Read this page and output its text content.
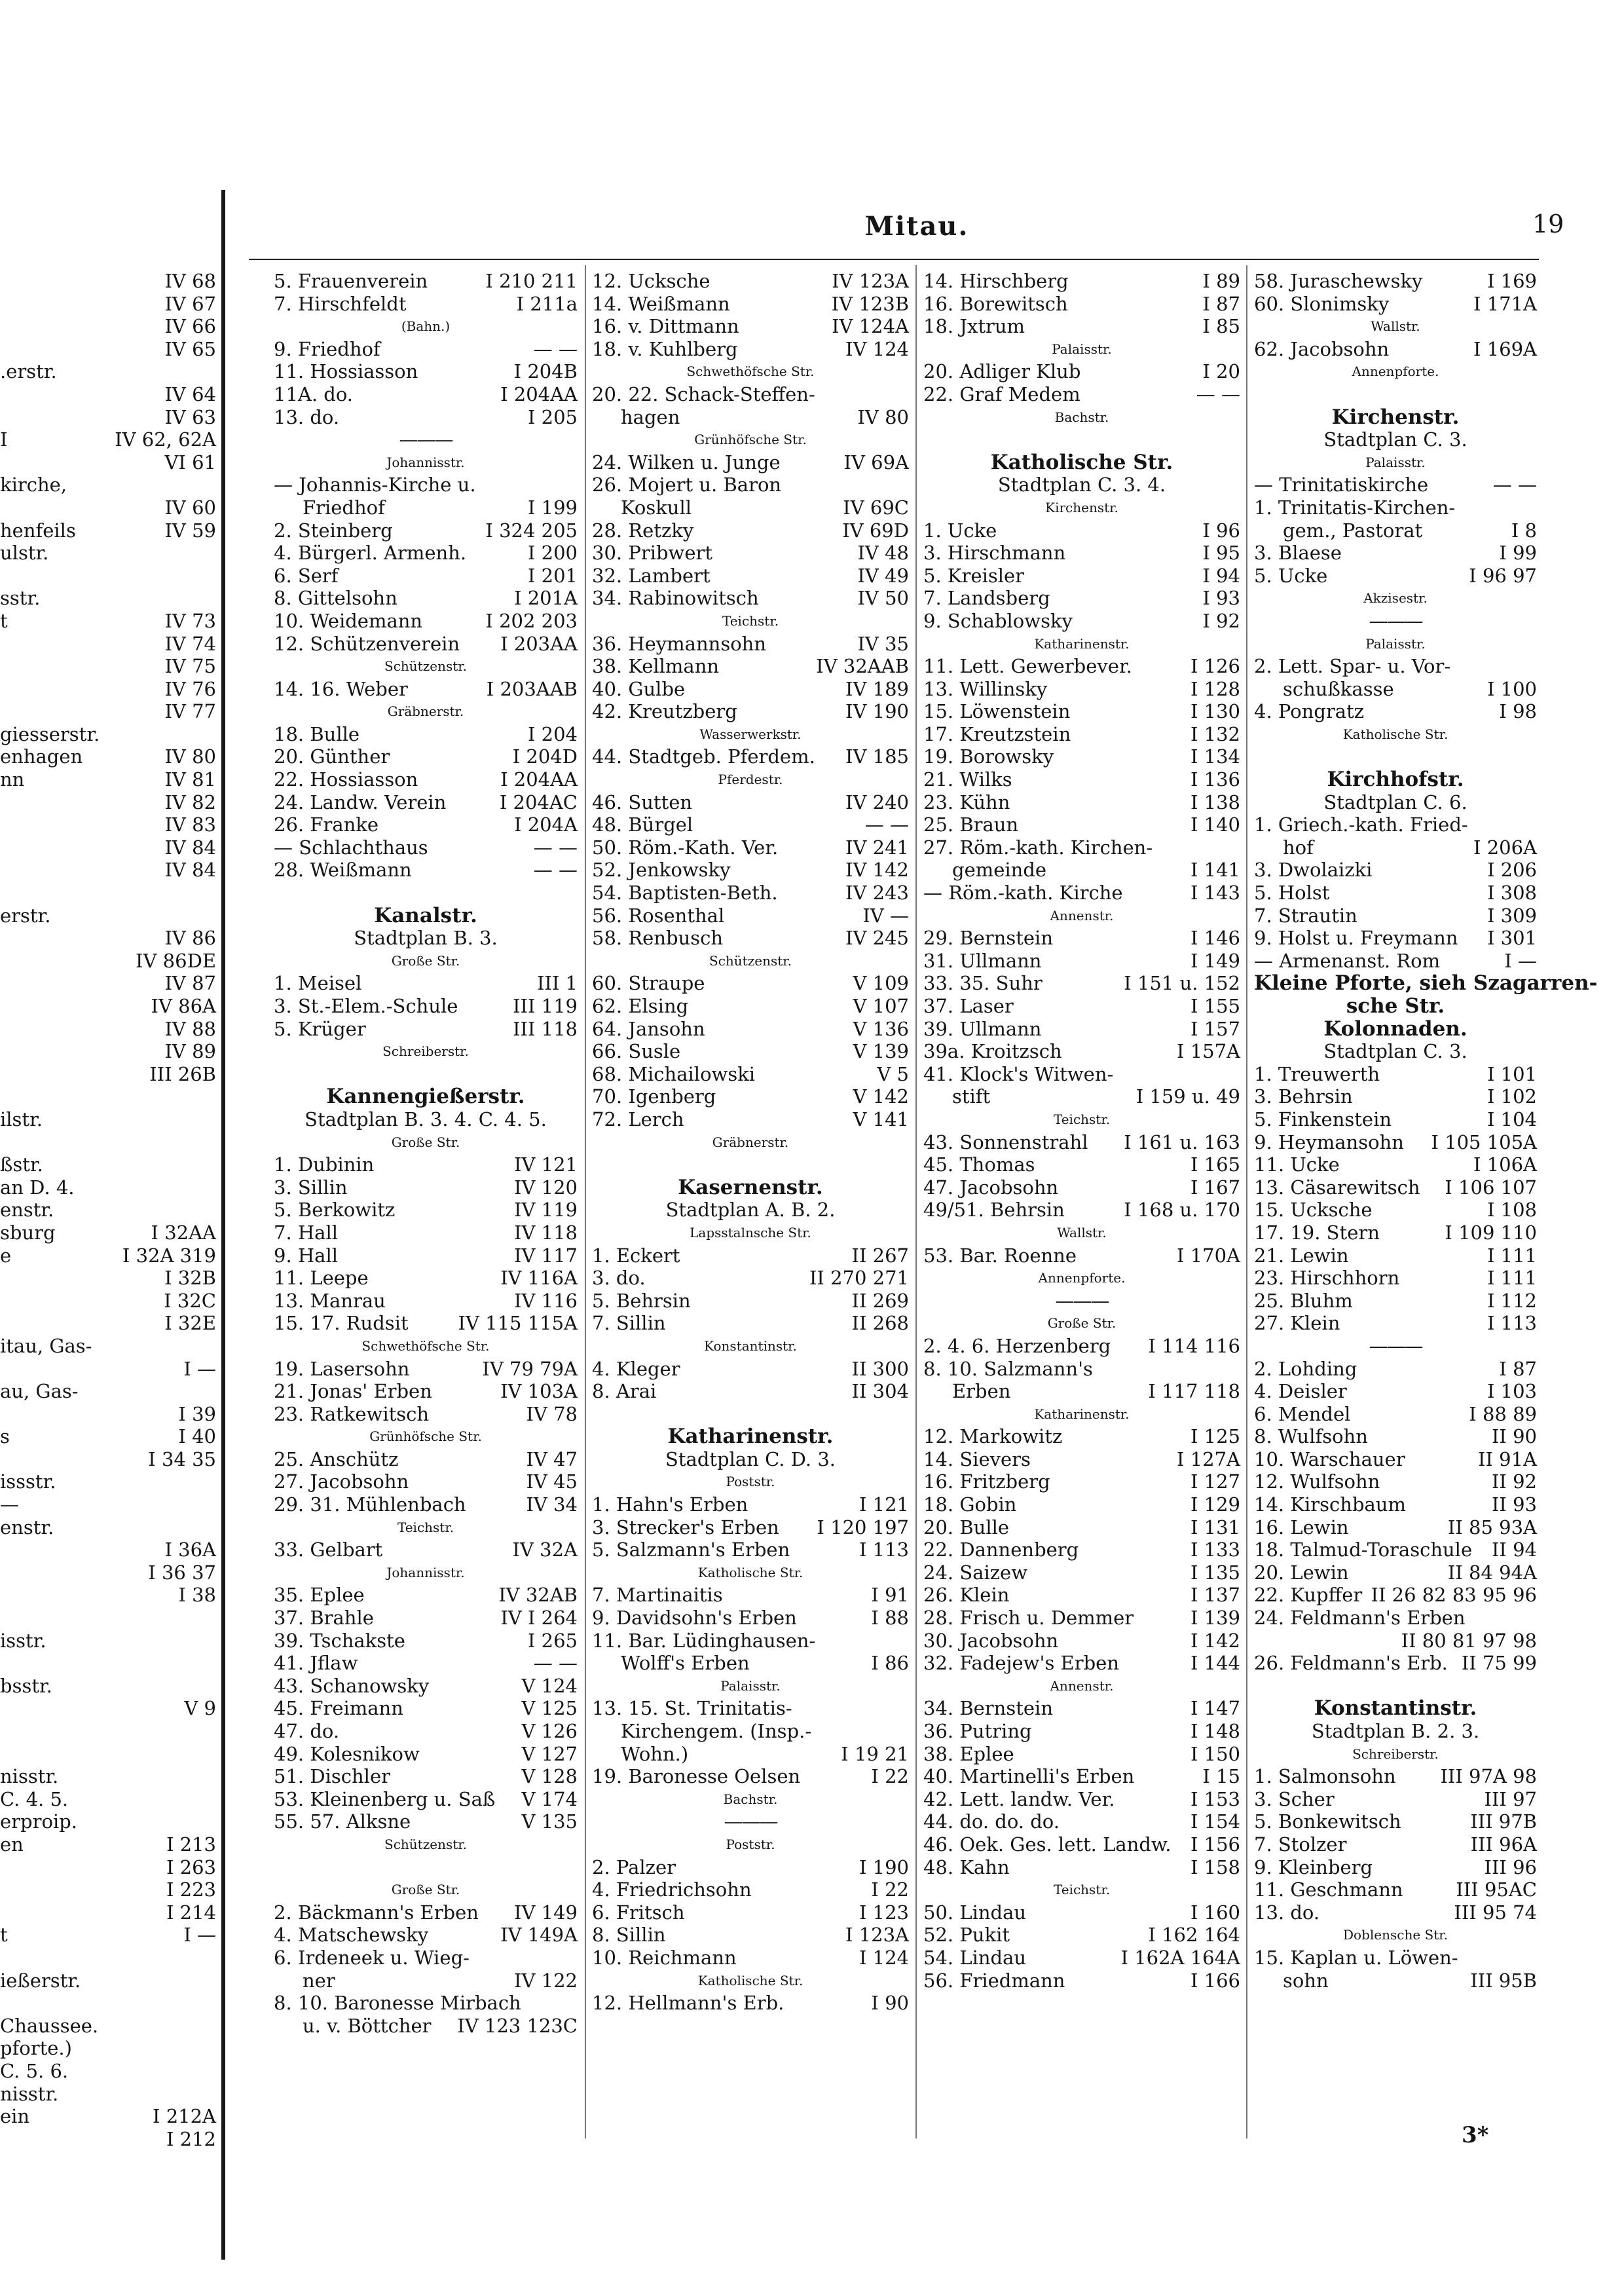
Mitau.	19
IV 68
IV 67
IV 66
IV 65
.erstr.
IV 64
IV 63
I	IV 62, 62A
VI 61
kirche,
IV 60
henfeils	IV 59
ulstr.
sstr.
t	IV 73
IV 74
IV 75
IV 76
IV 77
giesserstr.
enhagen	IV 80
nn	IV 81
IV 82
IV 83
IV 84
IV 84
erstr.
IV 86
IV 86DE
IV 87
IV 86A
IV 88
IV 89
III 26B
ilstr.
ßstr.
an D. 4.
enstr.
sburg	I 32AA
e	I 32A 319
I 32B
I 32C
I 32E
itau, Gas-
I —
au, Gas-
I 39
s	I 40
I 34 35
issstr.
—
enstr.
I 36A
I 36 37
I 38
isstr.
bsstr.
V 9
nisstr.
C. 4. 5.
erproip.
en	I 213
I 263
I 223
I 214
t	I —
ießerstr.
Chaussee.
pforte.)
C. 5. 6.
nisstr.
ein	I 212A
I 212
5. Frauenverein	I 210 211
7. Hirschfeldt	I 211a
(Bahn.)
9. Friedhof	— —
11. Hossiasson	I 204B
11A. do.	I 204AA
13. do.	I 205
———
Johannisstr.
— Johannis-Kirche u.
Friedhof	I 199
2. Steinberg	I 324 205
4. Bürgerl. Armenh.	I 200
6. Serf	I 201
8. Gittelsohn	I 201A
10. Weidemann	I 202 203
12. Schützenverein	I 203AA
Schützenstr.
14. 16. Weber	I 203AAB
Gräbnerstr.
18. Bulle	I 204
20. Günther	I 204D
22. Hossiasson	I 204AA
24. Landw. Verein	I 204AC
26. Franke	I 204A
— Schlachthaus	— —
28. Weißmann	— —
Kanalstr.
Stadtplan B. 3.
Große Str.
1. Meisel	III 1
3. St.-Elem.-Schule	III 119
5. Krüger	III 118
Schreiberstr.
Kannengießerstr.
Stadtplan B. 3. 4. C. 4. 5.
Große Str.
1. Dubinin	IV 121
3. Sillin	IV 120
5. Berkowitz	IV 119
7. Hall	IV 118
9. Hall	IV 117
11. Leepe	IV 116A
13. Manrau	IV 116
15. 17. Rudsit	IV 115 115A
Schwethöfsche Str.
19. Lasersohn	IV 79 79A
21. Jonas' Erben	IV 103A
23. Ratkewitsch	IV 78
Grünhöfsche Str.
25. Anschütz	IV 47
27. Jacobsohn	IV 45
29. 31. Mühlenbach	IV 34
Teichstr.
33. Gelbart	IV 32A
Johannisstr.
35. Eplee	IV 32AB
37. Brahle	IV I 264
39. Tschakste	I 265
41. Jflaw	— —
43. Schanowsky	V 124
45. Freimann	V 125
47. do.	V 126
49. Kolesnikow	V 127
51. Dischler	V 128
53. Kleinenberg u. Saß	V 174
55. 57. Alksne	V 135
Schützenstr.
Große Str.
2. Bäckmann's Erben	IV 149
4. Matschewsky	IV 149A
6. Irdeneek u. Wieg-
ner	IV 122
8. 10. Baronesse Mirbach
u. v. Böttcher	IV 123 123C
12. Ucksche	IV 123A
14. Weißmann	IV 123B
16. v. Dittmann	IV 124A
18. v. Kuhlberg	IV 124
Schwethöfsche Str.
20. 22. Schack-Steffen-
hagen	IV 80
Grünhöfsche Str.
24. Wilken u. Junge	IV 69A
26. Mojert u. Baron
Koskull	IV 69C
28. Retzky	IV 69D
30. Pribwert	IV 48
32. Lambert	IV 49
34. Rabinowitsch	IV 50
Teichstr.
36. Heymannsohn	IV 35
38. Kellmann	IV 32AAB
40. Gulbe	IV 189
42. Kreutzberg	IV 190
Wasserwerkstr.
44. Stadtgeb. Pferdem.	IV 185
Pferdestr.
46. Sutten	IV 240
48. Bürgel	— —
50. Röm.-Kath. Ver.	IV 241
52. Jenkowsky	IV 142
54. Baptisten-Beth.	IV 243
56. Rosenthal	IV —
58. Renbusch	IV 245
Schützenstr.
60. Straupe	V 109
62. Elsing	V 107
64. Jansohn	V 136
66. Susle	V 139
68. Michailowski	V 5
70. Igenberg	V 142
72. Lerch	V 141
Gräbnerstr.
Kasernenstr.
Stadtplan A. B. 2.
Lapsstalnsche Str.
1. Eckert	II 267
3. do.	II 270 271
5. Behrsin	II 269
7. Sillin	II 268
Konstantinstr.
4. Kleger	II 300
8. Arai	II 304
Katharinenstr.
Stadtplan C. D. 3.
Poststr.
1. Hahn's Erben	I 121
3. Strecker's Erben	I 120 197
5. Salzmann's Erben	I 113
Katholische Str.
7. Martinaitis	I 91
9. Davidsohn's Erben	I 88
11. Bar. Lüdinghausen-
Wolff's Erben	I 86
Palaisstr.
13. 15. St. Trinitatis-
Kirchengem. (Insp.-
Wohn.)	I 19 21
19. Baronesse Oelsen	I 22
Bachstr.
———
Poststr.
2. Palzer	I 190
4. Friedrichsohn	I 22
6. Fritsch	I 123
8. Sillin	I 123A
10. Reichmann	I 124
Katholische Str.
12. Hellmann's Erb.	I 90
14. Hirschberg	I 89
16. Borewitsch	I 87
18. Jxtrum	I 85
Palaisstr.
20. Adliger Klub	I 20
22. Graf Medem	— —
Bachstr.
Katholische Str.
Stadtplan C. 3. 4.
Kirchenstr.
1. Ucke	I 96
3. Hirschmann	I 95
5. Kreisler	I 94
7. Landsberg	I 93
9. Schablowsky	I 92
Katharinenstr.
11. Lett. Gewerbever.	I 126
13. Willinsky	I 128
15. Löwenstein	I 130
17. Kreutzstein	I 132
19. Borowsky	I 134
21. Wilks	I 136
23. Kühn	I 138
25. Braun	I 140
27. Röm.-kath. Kirchen-
gemeinde	I 141
— Röm.-kath. Kirche	I 143
Annenstr.
29. Bernstein	I 146
31. Ullmann	I 149
33. 35. Suhr	I 151 u. 152
37. Laser	I 155
39. Ullmann	I 157
39a. Kroitzsch	I 157A
41. Klock's Witwen-
stift	I 159 u. 49
Teichstr.
43. Sonnenstrahl	I 161 u. 163
45. Thomas	I 165
47. Jacobsohn	I 167
49/51. Behrsin	I 168 u. 170
Wallstr.
53. Bar. Roenne	I 170A
Annenpforte.
———
Große Str.
2. 4. 6. Herzenberg	I 114 116
8. 10. Salzmann's
Erben	I 117 118
Katharinenstr.
12. Markowitz	I 125
14. Sievers	I 127A
16. Fritzberg	I 127
18. Gobin	I 129
20. Bulle	I 131
22. Dannenberg	I 133
24. Saizew	I 135
26. Klein	I 137
28. Frisch u. Demmer	I 139
30. Jacobsohn	I 142
32. Fadejew's Erben	I 144
Annenstr.
34. Bernstein	I 147
36. Putring	I 148
38. Eplee	I 150
40. Martinelli's Erben	I 15
42. Lett. landw. Ver.	I 153
44. do. do. do.	I 154
46. Oek. Ges. lett. Landw.	I 156
48. Kahn	I 158
Teichstr.
50. Lindau	I 160
52. Pukit	I 162 164
54. Lindau	I 162A 164A
56. Friedmann	I 166
58. Juraschewsky	I 169
60. Slonimsky	I 171A
Wallstr.
62. Jacobsohn	I 169A
Annenpforte.
Kirchenstr.
Stadtplan C. 3.
Palaisstr.
— Trinitatiskirche	— —
1. Trinitatis-Kirchen-
gem., Pastorat	I 8
3. Blaese	I 99
5. Ucke	I 96 97
Akzisestr.
———
Palaisstr.
2. Lett. Spar- u. Vor-
schußkasse	I 100
4. Pongratz	I 98
Katholische Str.
Kirchhofstr.
Stadtplan C. 6.
1. Griech.-kath. Fried-
hof	I 206A
3. Dwolaizki	I 206
5. Holst	I 308
7. Strautin	I 309
9. Holst u. Freymann	I 301
— Armenanst. Rom	I —
Kleine Pforte, sieh Szagarren-
sche Str.
Kolonnaden.
Stadtplan C. 3.
1. Treuwerth	I 101
3. Behrsin	I 102
5. Finkenstein	I 104
9. Heymansohn	I 105 105A
11. Ucke	I 106A
13. Cäsarewitsch	I 106 107
15. Ucksche	I 108
17. 19. Stern	I 109 110
21. Lewin	I 111
23. Hirschhorn	I 111
25. Bluhm	I 112
27. Klein	I 113
———
2. Lohding	I 87
4. Deisler	I 103
6. Mendel	I 88 89
8. Wulfsohn	II 90
10. Warschauer	II 91A
12. Wulfsohn	II 92
14. Kirschbaum	II 93
16. Lewin	II 85 93A
18. Talmud-Toraschule	II 94
20. Lewin	II 84 94A
22. Kupffer II 26 82 83 95 96
24. Feldmann's Erben
II 80 81 97 98
26. Feldmann's Erb. II 75 99
Konstantinstr.
Stadtplan B. 2. 3.
Schreiberstr.
1. Salmonsohn	III 97A 98
3. Scher	III 97
5. Bonkewitsch	III 97B
7. Stolzer	III 96A
9. Kleinberg	III 96
11. Geschmann	III 95AC
13. do.	III 95 74
Doblensche Str.
15. Kaplan u. Löwen-
sohn	III 95B
3*
